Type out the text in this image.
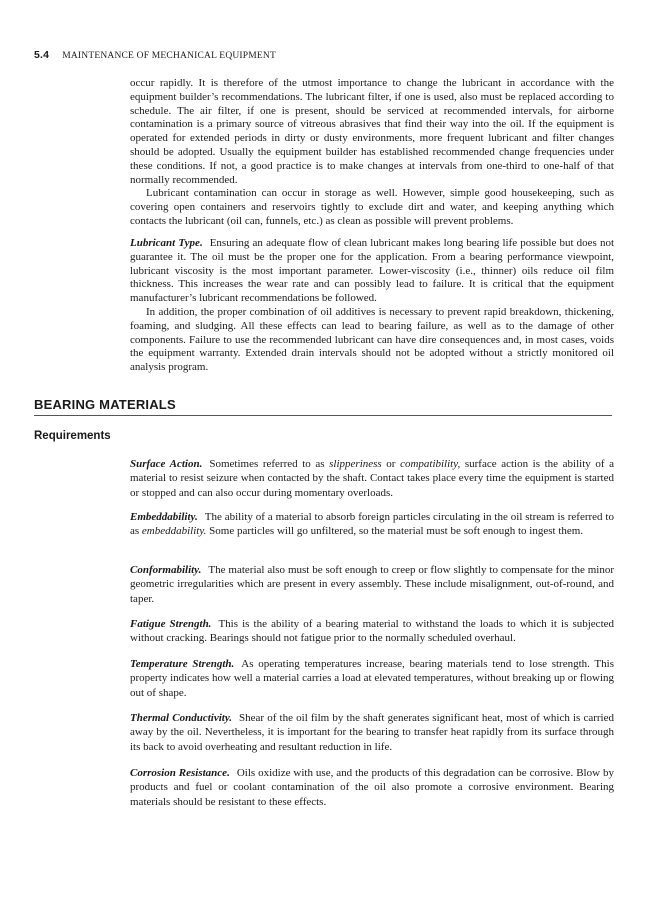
5.4 MAINTENANCE OF MECHANICAL EQUIPMENT

occur rapidly. It is therefore of the utmost importance to change the lubricant in accordance with the equipment builder’s recommendations. The lubricant filter, if one is used, also must be replaced according to schedule. The air filter, if one is present, should be serviced at recommended intervals, for airborne contamination is a primary source of vitreous abrasives that find their way into the oil. If the equipment is operated for extended periods in dirty or dusty environments, more frequent lubricant and filter changes should be adopted. Usually the equipment builder has established recommended change frequencies under these conditions. If not, a good practice is to make changes at intervals from one-third to one-half of that normally recommended.

Lubricant contamination can occur in storage as well. However, simple good housekeeping, such as covering open containers and reservoirs tightly to exclude dirt and water, and keeping anything which contacts the lubricant (oil can, funnels, etc.) as clean as possible will prevent problems.

Lubricant Type. Ensuring an adequate flow of clean lubricant makes long bearing life possible but does not guarantee it. The oil must be the proper one for the application. From a bearing performance viewpoint, lubricant viscosity is the most important parameter. Lower-viscosity (i.e., thinner) oils reduce oil film thickness. This increases the wear rate and can possibly lead to failure. It is critical that the equipment manufacturer’s lubricant recommendations be followed.

In addition, the proper combination of oil additives is necessary to prevent rapid breakdown, thickening, foaming, and sludging. All these effects can lead to bearing failure, as well as to the damage of other components. Failure to use the recommended lubricant can have dire consequences and, in most cases, voids the equipment warranty. Extended drain intervals should not be adopted without a strictly monitored oil analysis program.

BEARING MATERIALS
Requirements

Surface Action. Sometimes referred to as slipperiness or compatibility, surface action is the ability of a material to resist seizure when contacted by the shaft. Contact takes place every time the equipment is started or stopped and can also occur during momentary overloads.

Embeddability. The ability of a material to absorb foreign particles circulating in the oil stream is referred to as embeddability. Some particles will go unfiltered, so the material must be soft enough to ingest them.

Conformability. The material also must be soft enough to creep or flow slightly to compensate for the minor geometric irregularities which are present in every assembly. These include misalignment, out-of-round, and taper.

Fatigue Strength. This is the ability of a bearing material to withstand the loads to which it is subjected without cracking. Bearings should not fatigue prior to the normally scheduled overhaul.

Temperature Strength. As operating temperatures increase, bearing materials tend to lose strength. This property indicates how well a material carries a load at elevated temperatures, without breaking up or flowing out of shape.

Thermal Conductivity. Shear of the oil film by the shaft generates significant heat, most of which is carried away by the oil. Nevertheless, it is important for the bearing to transfer heat rapidly from its surface through its back to avoid overheating and resultant reduction in life.

Corrosion Resistance. Oils oxidize with use, and the products of this degradation can be corrosive. Blow by products and fuel or coolant contamination of the oil also promote a corrosive environment. Bearing materials should be resistant to these effects.
